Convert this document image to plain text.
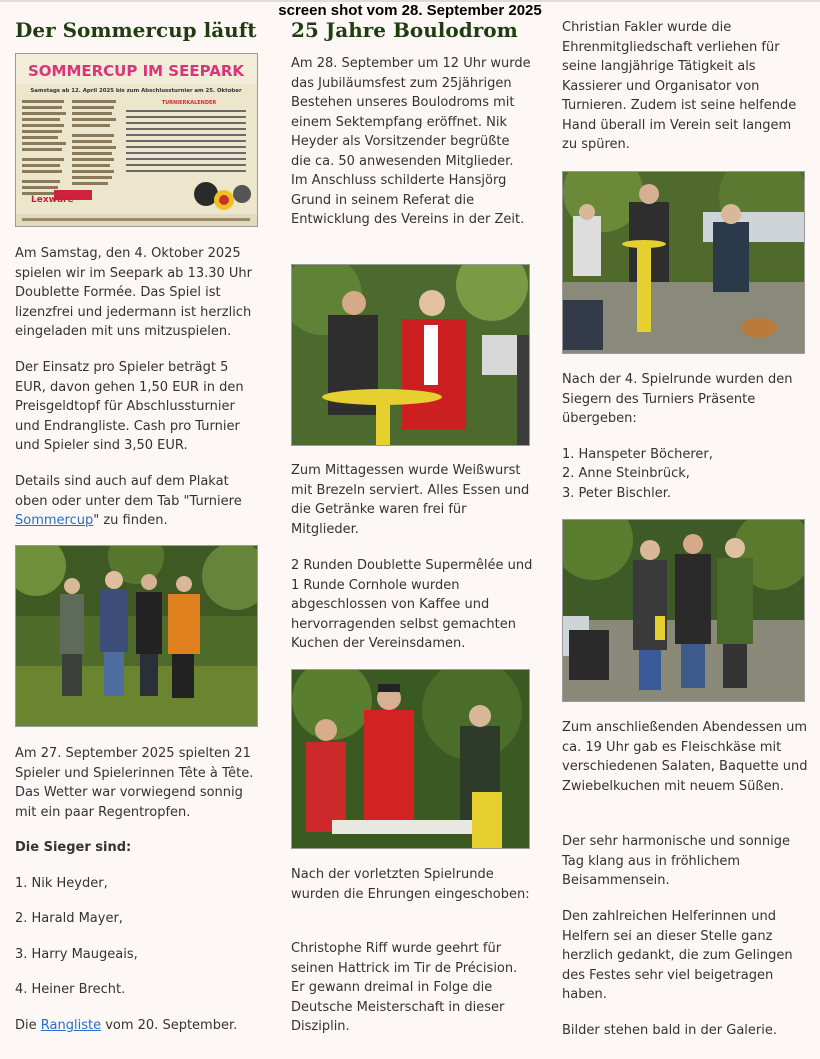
screen shot vom 28. September 2025
Der Sommercup läuft
SOMMERCUP IM SEEPARK
Samstags ab 12. April 2025 bis zum Abschlussturnier am 25. Oktober
TURNIERKALENDER
Lexware

Am Samstag, den 4. Oktober 2025 spielen wir im Seepark ab 13.30 Uhr Doublette Formée. Das Spiel ist lizenzfrei und jedermann ist herzlich eingeladen mit uns mitzuspielen.

Der Einsatz pro Spieler beträgt 5 EUR, davon gehen 1,50 EUR in den Preisgeldtopf für Abschlussturnier und Endrangliste. Cash pro Turnier und Spieler sind 3,50 EUR.

Details sind auch auf dem Plakat oben oder unter dem Tab "Turniere Sommercup" zu finden.

Am 27. September 2025 spielten 21 Spieler und Spielerinnen Tête à Tête. Das Wetter war vorwiegend sonnig mit ein paar Regentropfen.

Die Sieger sind:

1. Nik Heyder,

2. Harald Mayer,

3. Harry Maugeais,

4. Heiner Brecht.

Die Rangliste vom 20. September.

25 Jahre Boulodrom

Am 28. September um 12 Uhr wurde das Jubiläumsfest zum 25jährigen Bestehen unseres Boulodroms mit einem Sektempfang eröffnet. Nik Heyder als Vorsitzender begrüßte die ca. 50 anwesenden Mitglieder. Im Anschluss schilderte Hansjörg Grund in seinem Referat die Entwicklung des Vereins in der Zeit.

Zum Mittagessen wurde Weißwurst mit Brezeln serviert. Alles Essen und die Getränke waren frei für Mitglieder.

2 Runden Doublette Supermêlée und 1 Runde Cornhole wurden abgeschlossen von Kaffee und hervorragenden selbst gemachten Kuchen der Vereinsdamen.

Nach der vorletzten Spielrunde wurden die Ehrungen eingeschoben:

Christophe Riff wurde geehrt für seinen Hattrick im Tir de Précision. Er gewann dreimal in Folge die Deutsche Meisterschaft in dieser Disziplin.

Christian Fakler wurde die Ehrenmitgliedschaft verliehen für seine langjährige Tätigkeit als Kassierer und Organisator von Turnieren. Zudem ist seine helfende Hand überall im Verein seit langem zu spüren.

Nach der 4. Spielrunde wurden den Siegern des Turniers Präsente übergeben:

1. Hanspeter Böcherer,

2. Anne Steinbrück,

3. Peter Bischler.

Zum anschließenden Abendessen um ca. 19 Uhr gab es Fleischkäse mit verschiedenen Salaten, Baquette und Zwiebelkuchen mit neuem Süßen.

Der sehr harmonische und sonnige Tag klang aus in fröhlichem Beisammensein.

Den zahlreichen Helferinnen und Helfern sei an dieser Stelle ganz herzlich gedankt, die zum Gelingen des Festes sehr viel beigetragen haben.

Bilder stehen bald in der Galerie.
